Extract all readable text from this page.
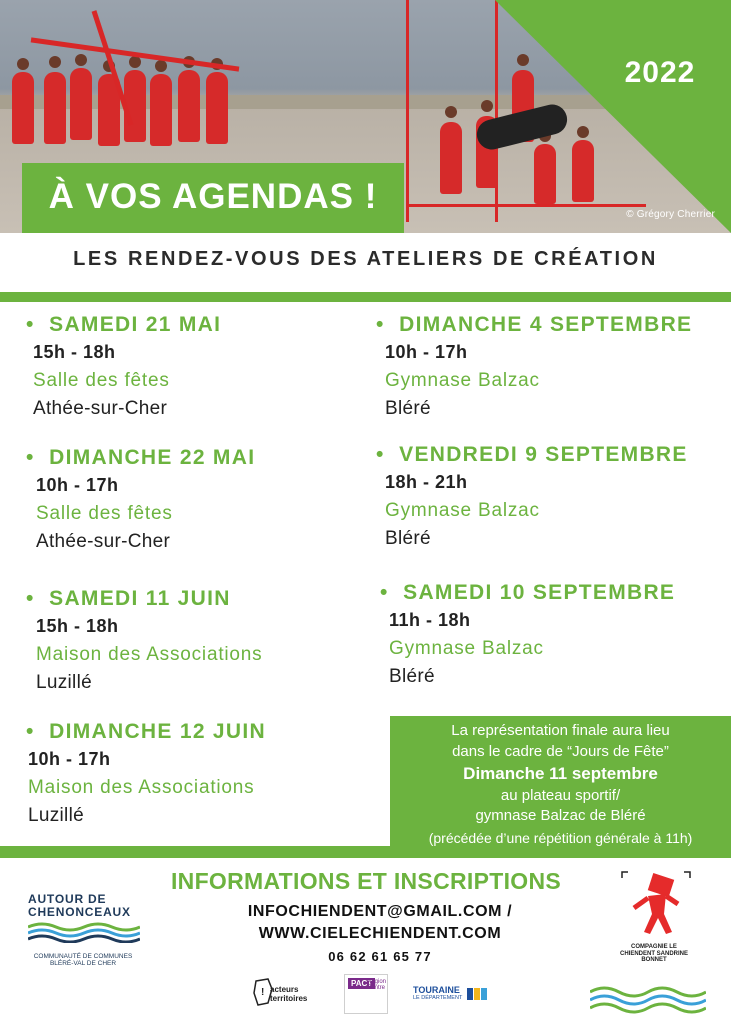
2022
© Grégory Cherrier
À VOS AGENDAS !
LES RENDEZ-VOUS DES ATELIERS DE CRÉATION
• SAMEDI 21 MAI
15h - 18h
Salle des fêtes
Athée-sur-Cher
• DIMANCHE 22 MAI
10h - 17h
Salle des fêtes
Athée-sur-Cher
• SAMEDI 11 JUIN
15h - 18h
Maison des Associations
Luzillé
• DIMANCHE 12 JUIN
10h - 17h
Maison des Associations
Luzillé
• DIMANCHE 4 SEPTEMBRE
10h - 17h
Gymnase Balzac
Bléré
• VENDREDI 9 SEPTEMBRE
18h - 21h
Gymnase Balzac
Bléré
• SAMEDI 10 SEPTEMBRE
11h - 18h
Gymnase Balzac
Bléré
La représentation finale aura lieu
dans le cadre de “Jours de Fête”
Dimanche 11 septembre
au plateau sportif/
gymnase Balzac de Bléré
(précédée d’une répétition générale à 11h)
INFORMATIONS ET INSCRIPTIONS
INFOCHIENDENT@GMAIL.COM /
WWW.CIELECHIENDENT.COM
06 62 61 65 77
AUTOUR DE
CHENONCEAUX
COMMUNAUTÉ DE COMMUNES BLÉRÉ-VAL DE CHER
COMPAGNIE LE CHIENDENT SANDRINE BONNET
! acteurs territoires
PACT
Région Centre	TOURAINE
LE DÉPARTEMENT
